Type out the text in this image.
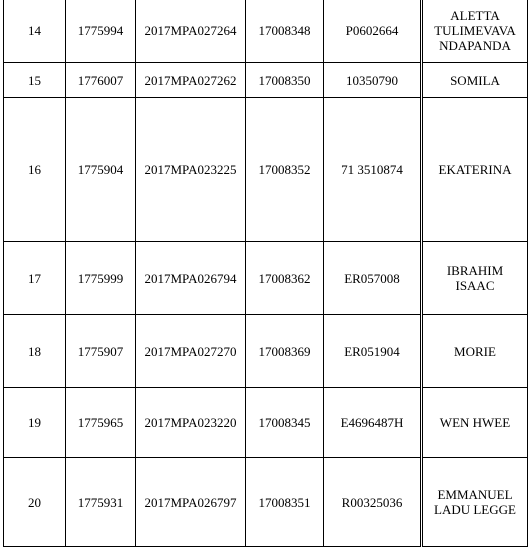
14	1775994	2017MPA027264	17008348	P0602664	ALETTA
TULIMEVAVA
NDAPANDA

15	1776007	2017MPA027262	17008350	10350790	SOMILA

16	1775904	2017MPA023225	17008352	71 3510874	EKATERINA

17	1775999	2017MPA026794	17008362	ER057008	IBRAHIM
ISAAC

18	1775907	2017MPA027270	17008369	ER051904	MORIE

19	1775965	2017MPA023220	17008345	E4696487H	WEN HWEE

20	1775931	2017MPA026797	17008351	R00325036	EMMANUEL
LADU LEGGE
